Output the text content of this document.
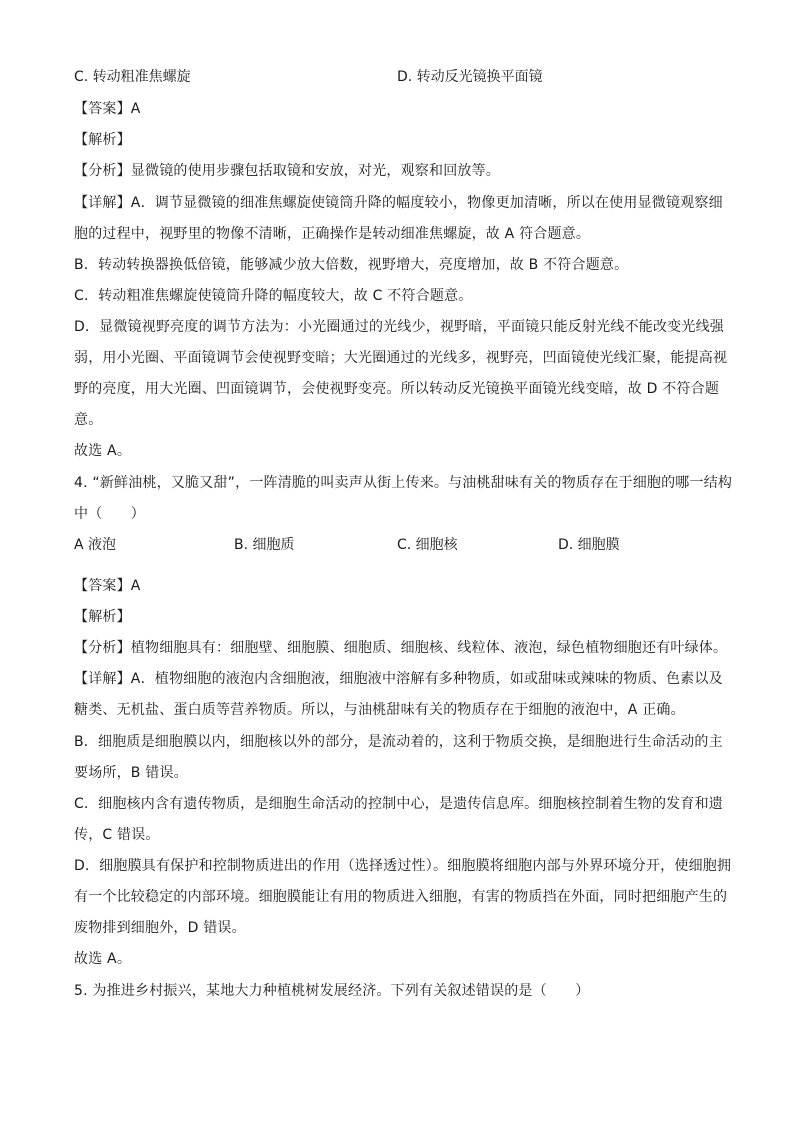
C. 转动粗准焦螺旋	D. 转动反光镜换平面镜
【答案】A
【解析】
【分析】显微镜的使用步骤包括取镜和安放，对光，观察和回放等。
【详解】A．调节显微镜的细准焦螺旋使镜筒升降的幅度较小，物像更加清晰，所以在使用显微镜观察细
胞的过程中，视野里的物像不清晰，正确操作是转动细准焦螺旋，故 A 符合题意。
B．转动转换器换低倍镜，能够减少放大倍数，视野增大，亮度增加，故 B 不符合题意。
C．转动粗准焦螺旋使镜筒升降的幅度较大，故 C 不符合题意。
D．显微镜视野亮度的调节方法为：小光圈通过的光线少，视野暗，平面镜只能反射光线不能改变光线强
弱，用小光圈、平面镜调节会使视野变暗；大光圈通过的光线多，视野亮，凹面镜使光线汇聚，能提高视
野的亮度，用大光圈、凹面镜调节，会使视野变亮。所以转动反光镜换平面镜光线变暗，故 D 不符合题
意。
故选 A。
4. “新鲜油桃，又脆又甜”，一阵清脆的叫卖声从街上传来。与油桃甜味有关的物质存在于细胞的哪一结构
中（　　）
A 液泡	B. 细胞质	C. 细胞核	D. 细胞膜
【答案】A
【解析】
【分析】植物细胞具有：细胞壁、细胞膜、细胞质、细胞核、线粒体、液泡，绿色植物细胞还有叶绿体。
【详解】A．植物细胞的液泡内含细胞液，细胞液中溶解有多种物质，如或甜味或辣味的物质、色素以及
糖类、无机盐、蛋白质等营养物质。所以，与油桃甜味有关的物质存在于细胞的液泡中，A 正确。
B．细胞质是细胞膜以内，细胞核以外的部分，是流动着的，这利于物质交换，是细胞进行生命活动的主
要场所，B 错误。
C．细胞核内含有遗传物质，是细胞生命活动的控制中心，是遗传信息库。细胞核控制着生物的发育和遗
传，C 错误。
D．细胞膜具有保护和控制物质进出的作用（选择透过性）。细胞膜将细胞内部与外界环境分开，使细胞拥
有一个比较稳定的内部环境。细胞膜能让有用的物质进入细胞，有害的物质挡在外面，同时把细胞产生的
废物排到细胞外，D 错误。
故选 A。
5. 为推进乡村振兴，某地大力种植桃树发展经济。下列有关叙述错误的是（　　）
